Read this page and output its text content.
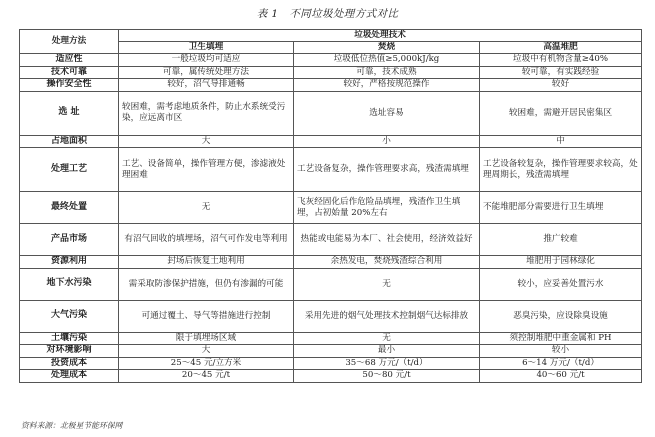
表 1　不同垃圾处理方式对比
处理方法	垃圾处理技术		
	卫生填埋	焚烧	高温堆肥
适应性	一般垃圾均可适应	垃圾低位热值≥5,000kJ/kg	垃圾中有机物含量≥40%
技术可靠	可靠，属传统处理方法	可靠，技术成熟	较可靠，有实践经验
操作安全性	较好，沼气导排通畅	较好，严格按规范操作	较好
选 址	较困难，需考虑地质条件，防止水系统受污染，应远离市区	选址容易	较困难，需避开居民密集区
占地面积	大	小	中
处理工艺	工艺、设备简单，操作管理方便，渗滤液处理困难	工艺设备复杂，操作管理要求高，残渣需填埋	工艺设备较复杂，操作管理要求较高，处理周期长，残渣需填埋
最终处置	无	飞灰经固化后作危险品填埋，残渣作卫生填埋，占初始量 20%左右	不能堆肥部分需要进行卫生填埋
产品市场	有沼气回收的填埋场，沼气可作发电等利用	热能或电能易为本厂、社会使用，经济效益好	推广较难
资源利用	封场后恢复土地利用	余热发电，焚烧残渣综合利用	堆肥用于园林绿化
地下水污染	需采取防渗保护措施，但仍有渗漏的可能	无	较小，应妥善处置污水
大气污染	可通过覆土、导气等措施进行控制	采用先进的烟气处理技术控制烟气达标排放	恶臭污染，应设除臭设施
土壤污染	限于填埋场区域	无	须控制堆肥中重金属和 PH
对环境影响	大	最小	较小
投资成本	25～45 元/立方米	35～68 万元/（t/d）	6～14 万元/（t/d）
处理成本	20～45 元/t	50～80 元/t	40～60 元/t
资料来源：北极星节能环保网
